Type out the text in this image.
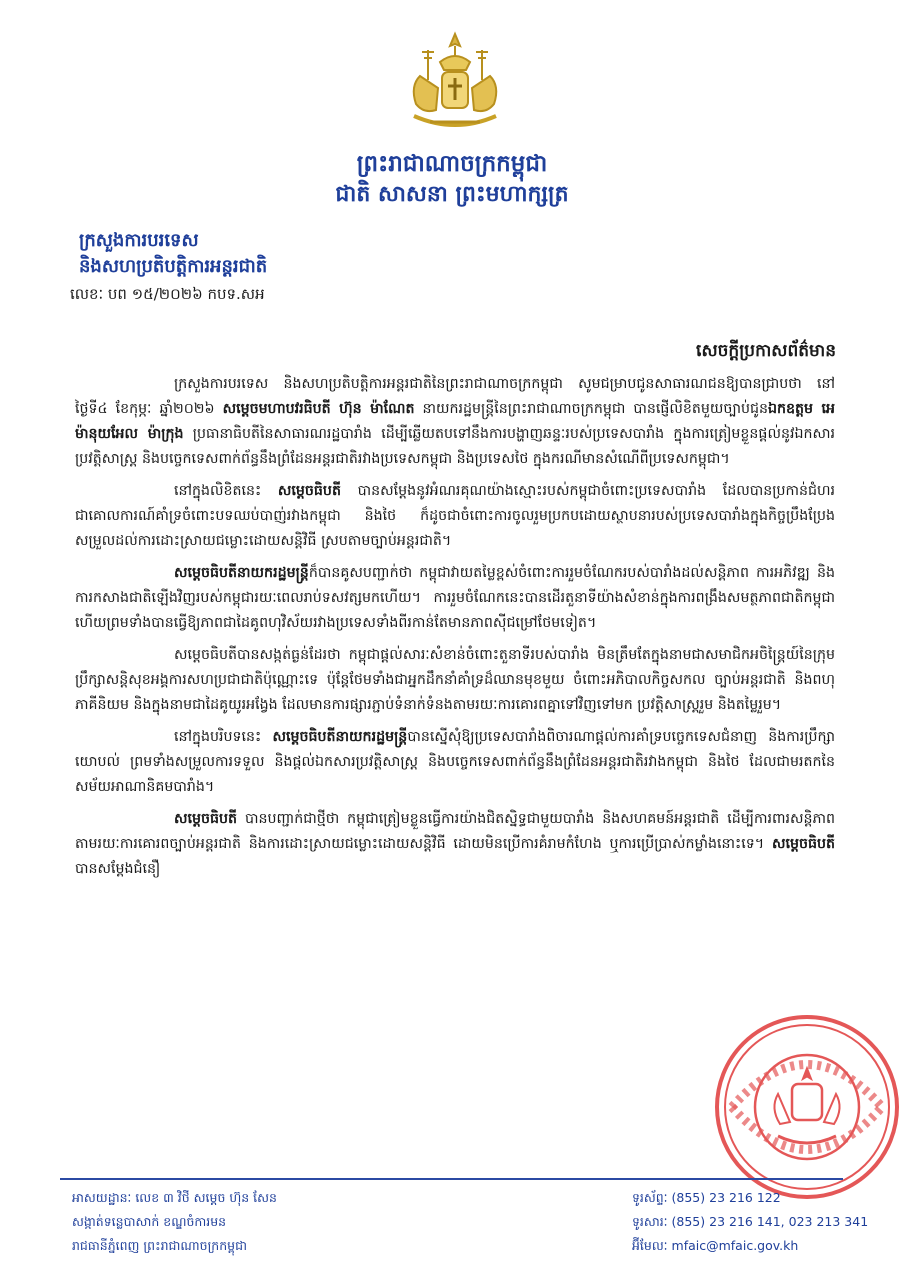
ព្រះរាជាណាចក្រកម្ពុជា
ជាតិ សាសនា ព្រះមហាក្សត្រ
ក្រសួងការបរទេស
និងសហប្រតិបត្តិការអន្តរជាតិ
លេខៈ បព ១៥/២០២៦ កបទ.សអ
សេចក្តីប្រកាសព័ត៌មាន

ក្រសួងការបរទេស និងសហប្រតិបត្តិការអន្តរជាតិនៃព្រះរាជាណាចក្រកម្ពុជា សូមជម្រាបជូនសាធារណជនឱ្យបានជ្រាបថា នៅថ្ងៃទី៤ ខែកុម្ភៈ ឆ្នាំ២០២៦ សម្តេចមហាបវរធិបតី ហ៊ុន ម៉ាណែត នាយករដ្ឋមន្ត្រីនៃព្រះរាជាណាចក្រកម្ពុជា បានផ្ញើលិខិតមួយច្បាប់ជូនឯកឧត្តម អេម៉ានុយអែល ម៉ាក្រុង ប្រធានាធិបតីនៃសាធារណរដ្ឋបារាំង ដើម្បីឆ្លើយតបទៅនឹងការបង្ហាញឆន្ទៈរបស់ប្រទេសបារាំង ក្នុងការត្រៀមខ្លួនផ្តល់នូវឯកសារប្រវត្តិសាស្ត្រ និងបច្ចេកទេសពាក់ព័ន្ធនឹងព្រំដែនអន្តរជាតិរវាងប្រទេសកម្ពុជា និងប្រទេសថៃ ក្នុងករណីមានសំណើពីប្រទេសកម្ពុជា។

នៅក្នុងលិខិតនេះ សម្តេចធិបតី បានសម្តែងនូវអំណរគុណយ៉ាងស្មោះរបស់កម្ពុជាចំពោះប្រទេសបារាំង ដែលបានប្រកាន់ជំហរជាគោលការណ៍គាំទ្រចំពោះបទឈប់បាញ់រវាងកម្ពុជា និងថៃ ក៏ដូចជាចំពោះការចូលរួមប្រកបដោយស្ថាបនារបស់ប្រទេសបារាំងក្នុងកិច្ចប្រឹងប្រែងសម្រួលដល់ការដោះស្រាយជម្លោះដោយសន្តិវិធី ស្របតាមច្បាប់អន្តរជាតិ។

សម្តេចធិបតីនាយករដ្ឋមន្ត្រីក៏បានគូសបញ្ជាក់ថា កម្ពុជាវាយតម្លៃខ្ពស់ចំពោះការរួមចំណែករបស់បារាំងដល់សន្តិភាព ការអភិវឌ្ឍ និងការកសាងជាតិឡើងវិញរបស់កម្ពុជារយៈពេលរាប់ទសវត្សមកហើយ។ ការរួមចំណែកនេះបានដើរតួនាទីយ៉ាងសំខាន់ក្នុងការពង្រឹងសមត្ថភាពជាតិកម្ពុជា ហើយព្រមទាំងបានធ្វើឱ្យភាពជាដៃគូពហុវិស័យរវាងប្រទេសទាំងពីរកាន់តែមានភាពស៊ីជម្រៅថែមទៀត។

សម្តេចធិបតីបានសង្កត់ធ្ងន់ដែរថា កម្ពុជាផ្តល់សារៈសំខាន់ចំពោះតួនាទីរបស់បារាំង មិនត្រឹមតែក្នុងនាមជាសមាជិកអចិន្ត្រៃយ៍នៃក្រុមប្រឹក្សាសន្តិសុខអង្គការសហប្រជាជាតិប៉ុណ្ណោះទេ ប៉ុន្តែថែមទាំងជាអ្នកដឹកនាំគាំទ្រដ៏ឈានមុខមួយ ចំពោះអភិបាលកិច្ចសកល ច្បាប់អន្តរជាតិ និងពហុភាគីនិយម និងក្នុងនាមជាដៃគូយូរអង្វែង ដែលមានការផ្សារភ្ជាប់ទំនាក់ទំនងតាមរយៈការគោរពគ្នាទៅវិញទៅមក ប្រវត្តិសាស្ត្ររួម និងតម្លៃរួម។

នៅក្នុងបរិបទនេះ សម្តេចធិបតីនាយករដ្ឋមន្ត្រីបានស្នើសុំឱ្យប្រទេសបារាំងពិចារណាផ្តល់ការគាំទ្របច្ចេកទេសជំនាញ និងការប្រឹក្សាយោបល់ ព្រមទាំងសម្រួលការទទួល និងផ្តល់ឯកសារប្រវត្តិសាស្ត្រ និងបច្ចេកទេសពាក់ព័ន្ធនឹងព្រំដែនអន្តរជាតិរវាងកម្ពុជា និងថៃ ដែលជាមរតកនៃសម័យអាណានិគមបារាំង។

សម្តេចធិបតី បានបញ្ជាក់ជាថ្មីថា កម្ពុជាត្រៀមខ្លួនធ្វើការយ៉ាងជិតស្និទ្ធជាមួយបារាំង និងសហគមន៍អន្តរជាតិ ដើម្បីការពារសន្តិភាពតាមរយៈការគោរពច្បាប់អន្តរជាតិ និងការដោះស្រាយជម្លោះដោយសន្តិវិធី ដោយមិនប្រើការគំរាមកំហែង ឬការប្រើប្រាស់កម្លាំងនោះទេ។ សម្តេចធិបតី បានសម្តែងជំនឿ

អាសយដ្ឋានៈ លេខ ៣ វិថី សម្តេច ហ៊ុន សែន
សង្កាត់ទន្លេបាសាក់ ខណ្ឌចំការមន
រាជធានីភ្នំពេញ ព្រះរាជាណាចក្រកម្ពុជា
ទូរស័ព្ទៈ (855) 23 216 122
ទូរសារៈ (855) 23 216 141, 023 213 341
អ៊ីមែលៈ mfaic@mfaic.gov.kh
